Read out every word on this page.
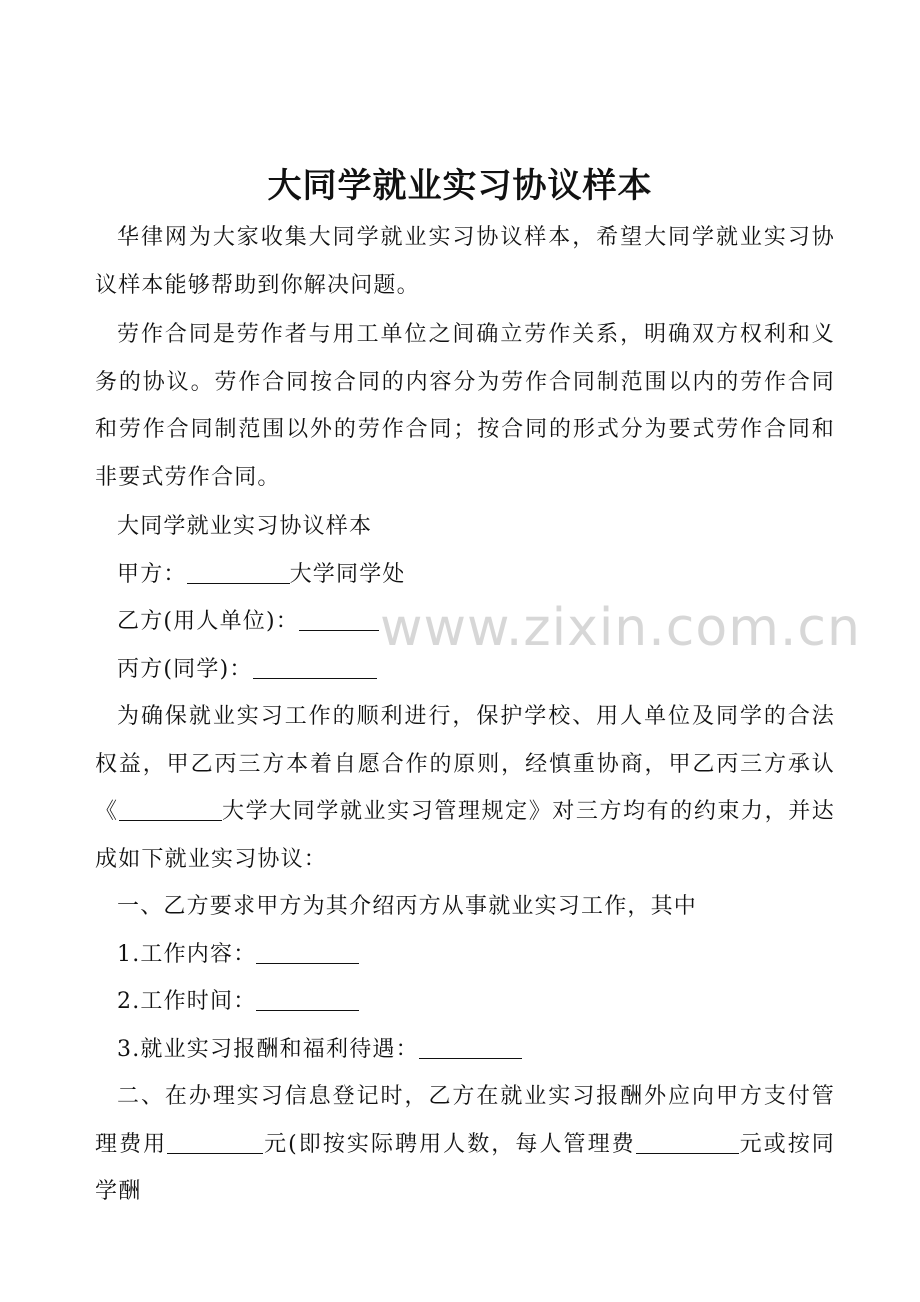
大同学就业实习协议样本

华律网为大家收集大同学就业实习协议样本，希望大同学就业实习协议样本能够帮助到你解决问题。

劳作合同是劳作者与用工单位之间确立劳作关系，明确双方权利和义务的协议。劳作合同按合同的内容分为劳作合同制范围以内的劳作合同和劳作合同制范围以外的劳作合同；按合同的形式分为要式劳作合同和非要式劳作合同。

大同学就业实习协议样本

甲方：	大学同学处

乙方(用人单位)：

丙方(同学)：

为确保就业实习工作的顺利进行，保护学校、用人单位及同学的合法权益，甲乙丙三方本着自愿合作的原则，经慎重协商，甲乙丙三方承认《	大学大同学就业实习管理规定》对三方均有的约束力，并达成如下就业实习协议：

一、乙方要求甲方为其介绍丙方从事就业实习工作，其中

1.工作内容：

2.工作时间：

3.就业实习报酬和福利待遇：

二、在办理实习信息登记时，乙方在就业实习报酬外应向甲方支付管理费用	元(即按实际聘用人数，每人管理费	元或按同学酬

www.zixin.com.cn
